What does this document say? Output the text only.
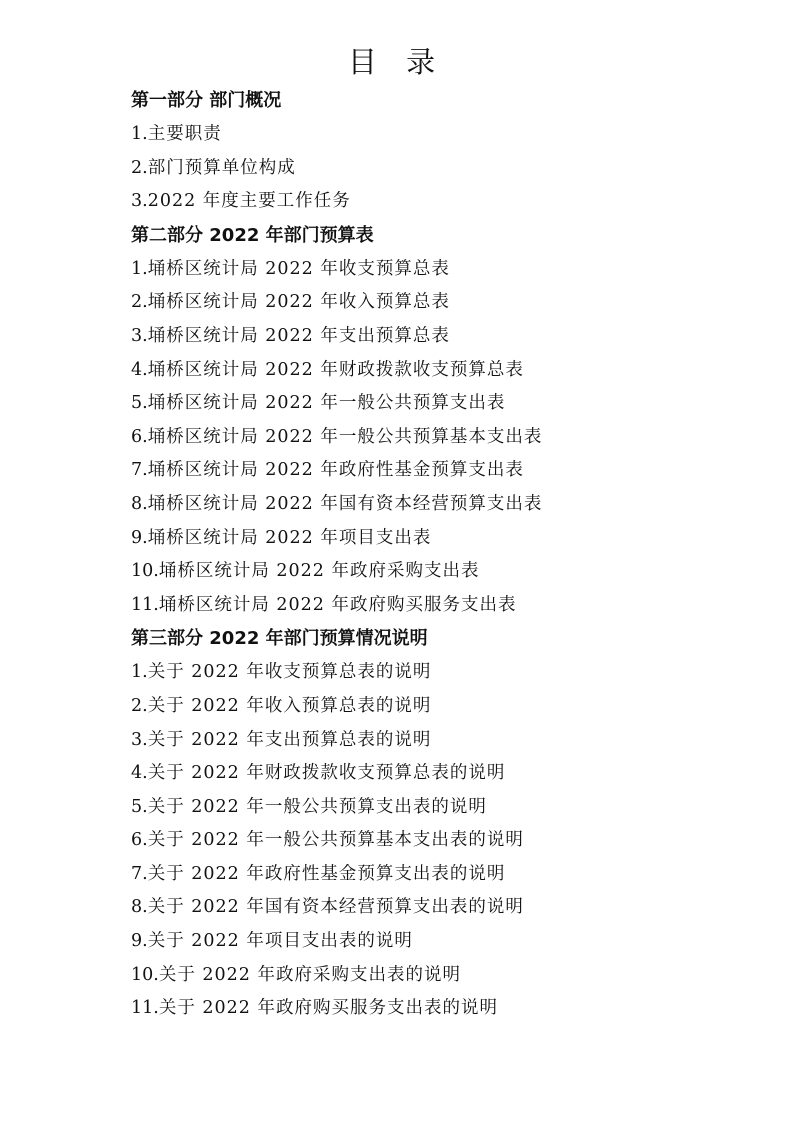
目 录
第一部分 部门概况
1.主要职责
2.部门预算单位构成
3.2022 年度主要工作任务
第二部分 2022 年部门预算表
1.埇桥区统计局 2022 年收支预算总表
2.埇桥区统计局 2022 年收入预算总表
3.埇桥区统计局 2022 年支出预算总表
4.埇桥区统计局 2022 年财政拨款收支预算总表
5.埇桥区统计局 2022 年一般公共预算支出表
6.埇桥区统计局 2022 年一般公共预算基本支出表
7.埇桥区统计局 2022 年政府性基金预算支出表
8.埇桥区统计局 2022 年国有资本经营预算支出表
9.埇桥区统计局 2022 年项目支出表
10.埇桥区统计局 2022 年政府采购支出表
11.埇桥区统计局 2022 年政府购买服务支出表
第三部分 2022 年部门预算情况说明
1.关于 2022 年收支预算总表的说明
2.关于 2022 年收入预算总表的说明
3.关于 2022 年支出预算总表的说明
4.关于 2022 年财政拨款收支预算总表的说明
5.关于 2022 年一般公共预算支出表的说明
6.关于 2022 年一般公共预算基本支出表的说明
7.关于 2022 年政府性基金预算支出表的说明
8.关于 2022 年国有资本经营预算支出表的说明
9.关于 2022 年项目支出表的说明
10.关于 2022 年政府采购支出表的说明
11.关于 2022 年政府购买服务支出表的说明
